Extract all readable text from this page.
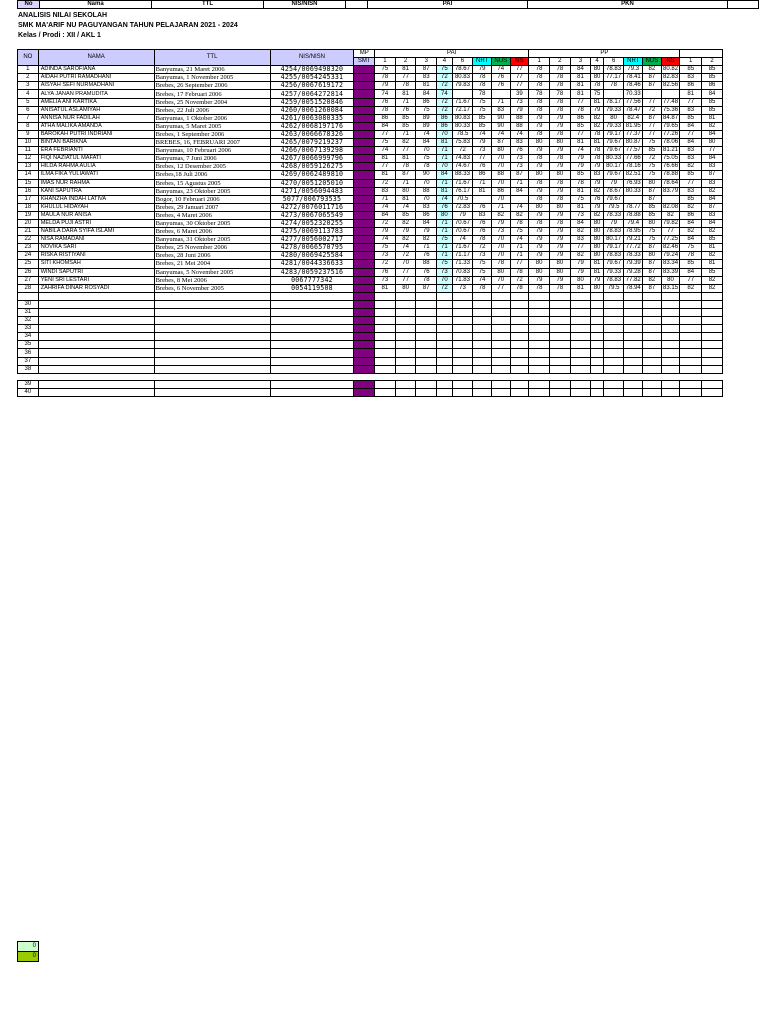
No	Nama	TTL	NIS/NISN		PAI	PKN	
ANALISIS NILAI SEKOLAH
SMK MA'ARIF NU PAGUYANGAN TAHUN PELAJARAN 2021 - 2024
Kelas / Prodi : XII / AKL 1
NO	NAMA	TTL	NIS/NISN	MP	PAI								PP									
				SMT	1	2	3	4	6	NRT	NUS	NS	1	2	3	4	6	NRT	NUS	NS	1	2
1	ADINDA SAROFIANA	Banyumas, 21 Maret 2006	4254/0069498320		75	81	87	75	78.67	79	74	77	78	78	84	80	78.83	79.3	82	80.82	85	85
2	AIDAH PUTRI RAMADHANI	Banyumas, 1 November 2005	4255/0054245331		78	77	83	72	80.83	78	76	77	78	78	81	80	77.17	78.41	87	82.83	83	85
3	AISYAH SEFI NURMADHANI	Brebes, 26 September 2006	4256/0067619172		79	78	81	72	79.83	78	76	77	78	78	81	78	78	78.46	87	82.56	86	86
4	ALYA JANAN PRAMUDITA	Brebes, 17 Februari 2006	4257/0064272814		74	81	84	74		78		39	78	78	81	75		70.33			81	84
5	AMELIA ANI KARTIKA	Brebes, 25 November 2004	4259/0051520846		76	71	86	72	71.67	75	71	73	78	78	77	81	78.17	77.56	77	77.48	77	85
6	ANISATUL ASLAMIYAH	Brebes, 22 Juli 2006	4260/0061260084		78	76	75	72	72.17	75	83	79	78	78	78	79	79.33	78.47	72	75.36	83	85
7	ANNISA NUR FADILAH	Banyumas, 1 Oktober 2006	4261/0063080335		86	85	89	86	80.83	85	90	88	79	79	86	82	80	82.4	87	84.87	85	81
8	ATHA MALIKA AMANDA	Banyumas, 5 Maret 2005	4262/0068197176		84	85	89	86	80.33	85	90	88	79	79	85	82	79.33	81.95	77	79.65	84	82
9	BAROKAH PUTRI INDRIANI	Brebes, 1 September 2006	4263/0066678326		77	71	74	70	78.5	74	74	74	78	78	77	78	79.17	77.37	77	77.26	77	84
10	BINTAN BARIKNA	BREBES, 16, FEBRUARI 2007	4265/0079219237		75	82	84	81	75.83	79	87	83	80	80	81	81	79.67	80.87	75	78.06	84	80
11	ERA FEBRIANTI	Banyumas, 10 Februari 2006	4266/0067139298		74	77	70	71	72	73	80	76	79	79	74	78	79.67	77.57	85	81.21	83	77
12	FIQI NAZIATUL MAFATI	Banyumas, 7 Juni 2006	4267/0066999796		81	81	75	71	74.83	77	70	73	78	78	79	78	80.33	77.66	72	75.05	83	84
13	HILDA RAHMA AULIA	Brebes, 12 Desember 2005	4268/0059126275		77	78	78	70	74.67	76	70	73	79	79	79	79	80.17	78.16	75	76.66	82	83
14	ILMA FIKA YULIAWATI	Brebes,18 Juli 2006	4269/0062489810		81	87	90	84	88.33	86	88	87	80	80	85	83	79.67	82.51	75	78.88	85	87
15	IMAS NUR RAHMA	Brebes, 15 Agustus 2005	4270/0051205010		72	71	70	71	71.67	71	70	71	78	78	78	79	79	76.93	80	78.64	77	83
16	KANI SAPUTRA	Banyumas, 23 Oktober 2005	4271/0056094483		83	80	88	81	76.17	81	86	84	79	79	81	82	78.67	80.33	87	83.79	83	82
17	KHANZHA INDAH LATIVA	Bogor, 10 Februari 2006	5077/006793535		71	81	70	74	70.5		70		78	78	75	76	79.67		87		85	84
18	KHULUL HIDAYAH	Brebes, 29 Januari 2007	4272/0076011716		74	74	83	76	72.83	76	71	74	80	80	81	79	79.5	78.77	85	82.08	82	87
19	MAULA NUR ANISA	Brebes, 4 Maret 2006	4273/0067065549		84	85	86	80	79	83	82	82	79	79	73	82	78.33	78.88	85	82	86	83
20	MELDA PUJI ASTRI	Banyumas, 30 Oktober 2005	4274/0052320255		72	82	84	71	70.67	76	79	78	78	78	84	80	79	79.4	80	79.82	84	84
21	NABILA DARA SYIFA ISLAMI	Brebes, 6 Maret 2006	4275/0069113783		79	79	79	71	70.67	76	73	75	79	79	82	80	78.83	78.95	75	77	82	82
22	NISA RAMADANI	Banyumas, 31 Oktober 2005	4277/0056002717		74	82	82	75	74	78	70	74	79	79	83	80	80.17	79.21	75	77.25	84	85
23	NOVIKA SARI	Brebes, 25 November 2006	4278/0066570795		75	74	71	71	71.67	72	70	71	79	79	77	80	79.17	77.72	87	82.46	75	81
24	RISKA RISTIYANI	Brebes, 28 Juni 2006	4280/0069425584		73	72	76	71	71.17	73	70	71	79	79	82	80	78.83	78.33	80	79.24	78	82
25	SITI KHOMSAH	Brebes, 21 Mei 2004	4281/0044336633		72	70	88	75	71.33	75	78	77	80	80	79	81	79.67	79.39	87	83.34	85	81
26	WINDI SAPUTRI	Banyumas, 5 November 2005	4283/0059237516		76	77	76	73	70.83	75	80	78	80	80	79	81	79.33	79.28	87	83.39	84	85
27	YENI SRI LESTARI	Brebes, 8 Mei 2006	0067777342		73	77	78	70	71.83	74	70	72	79	79	80	79	78.83	77.82	82	80	77	82
28	ZAHRIFA DINAR ROSYADI	Brebes, 6 November 2005	0054119508		81	80	87	72	73	78	77	78	78	78	81	80	79.5	78.94	87	83.15	82	82

30																						
31																						
32																						
33																						
34																						
35																						
36																						
37																						
38																						

39																						
40																						
0
0
